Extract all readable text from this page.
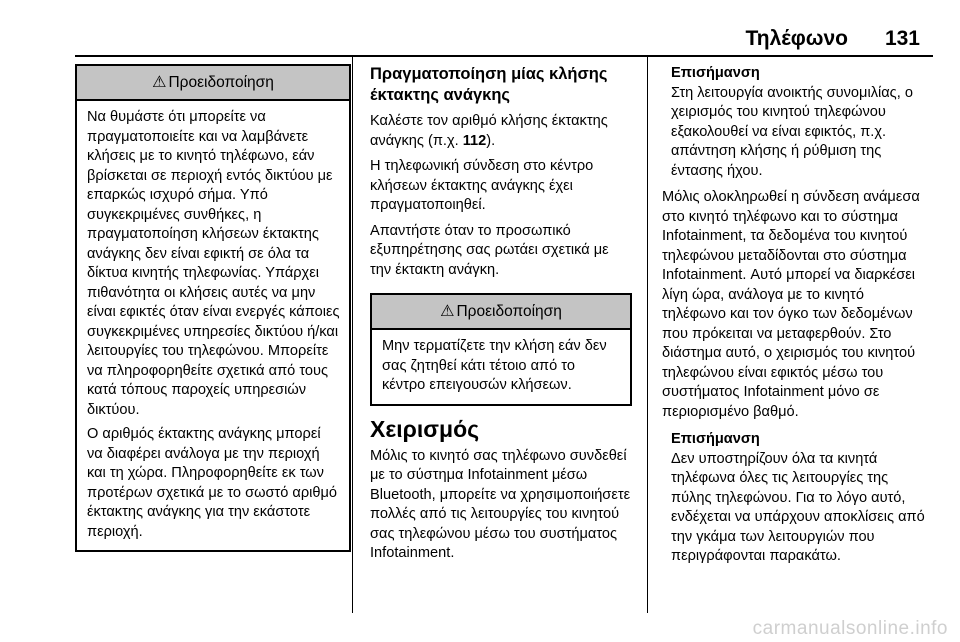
Τηλέφωνο 131
⚠ Προειδοποίηση

Να θυμάστε ότι μπορείτε να πραγματοποιείτε και να λαμβάνετε κλήσεις με το κινητό τηλέφωνο, εάν βρίσκεται σε περιοχή εντός δικτύου με επαρκώς ισχυρό σήμα. Υπό συγκεκριμένες συνθήκες, η πραγματοποίηση κλήσεων έκτακτης ανάγκης δεν είναι εφικτή σε όλα τα δίκτυα κινητής τηλεφωνίας. Υπάρχει πιθανότητα οι κλήσεις αυτές να μην είναι εφικτές όταν είναι ενεργές κάποιες συγκεκριμένες υπηρεσίες δικτύου ή/και λειτουργίες του τηλεφώνου. Μπορείτε να πληροφορηθείτε σχετικά από τους κατά τόπους παροχείς υπηρεσιών δικτύου.

Ο αριθμός έκτακτης ανάγκης μπορεί να διαφέρει ανάλογα με την περιοχή και τη χώρα. Πληροφορηθείτε εκ των προτέρων σχετικά με το σωστό αριθμό έκτακτης ανάγκης για την εκάστοτε περιοχή.

Πραγματοποίηση μίας κλήσης έκτακτης ανάγκης

Καλέστε τον αριθμό κλήσης έκτακτης ανάγκης (π.χ. 112).

Η τηλεφωνική σύνδεση στο κέντρο κλήσεων έκτακτης ανάγκης έχει πραγματοποιηθεί.

Απαντήστε όταν το προσωπικό εξυπηρέτησης σας ρωτάει σχετικά με την έκτακτη ανάγκη.

⚠ Προειδοποίηση

Μην τερματίζετε την κλήση εάν δεν σας ζητηθεί κάτι τέτοιο από το κέντρο επειγουσών κλήσεων.

Χειρισμός

Μόλις το κινητό σας τηλέφωνο συνδεθεί με το σύστημα Infotainment μέσω Bluetooth, μπορείτε να χρησιμοποιήσετε πολλές από τις λειτουργίες του κινητού σας τηλεφώνου μέσω του συστήματος Infotainment.

Επισήμανση

Στη λειτουργία ανοικτής συνομιλίας, ο χειρισμός του κινητού τηλεφώνου εξακολουθεί να είναι εφικτός, π.χ. απάντηση κλήσης ή ρύθμιση της έντασης ήχου.

Μόλις ολοκληρωθεί η σύνδεση ανάμεσα στο κινητό τηλέφωνο και το σύστημα Infotainment, τα δεδομένα του κινητού τηλεφώνου μεταδίδονται στο σύστημα Infotainment. Αυτό μπορεί να διαρκέσει λίγη ώρα, ανάλογα με το κινητό τηλέφωνο και τον όγκο των δεδομένων που πρόκειται να μεταφερθούν. Στο διάστημα αυτό, ο χειρισμός του κινητού τηλεφώνου είναι εφικτός μέσω του συστήματος Infotainment μόνο σε περιορισμένο βαθμό.

Επισήμανση

Δεν υποστηρίζουν όλα τα κινητά τηλέφωνα όλες τις λειτουργίες της πύλης τηλεφώνου. Για το λόγο αυτό, ενδέχεται να υπάρχουν αποκλίσεις από την γκάμα των λειτουργιών που περιγράφονται παρακάτω.

carmanualsonline.info
